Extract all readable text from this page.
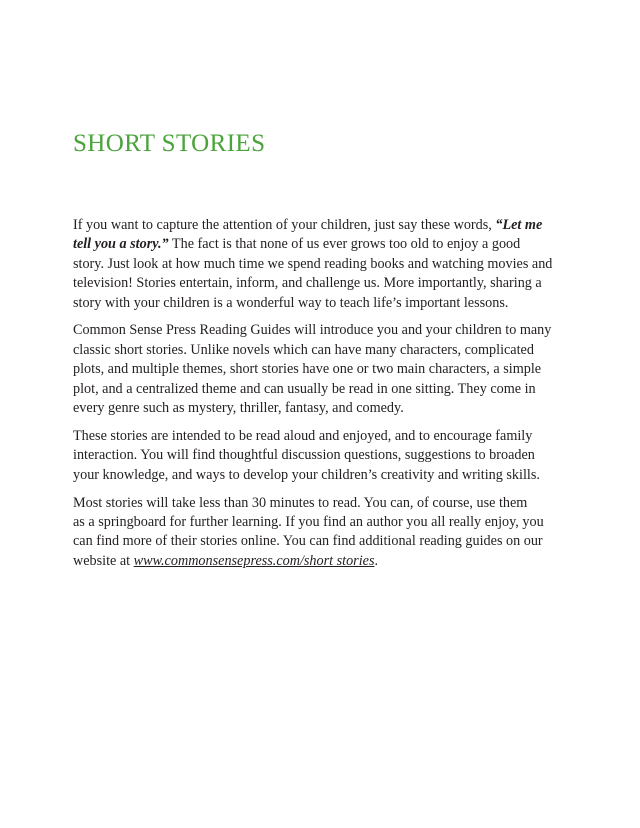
SHORT STORIES

If you want to capture the attention of your children, just say these words, “Let me
tell you a story.” The fact is that none of us ever grows too old to enjoy a good
story. Just look at how much time we spend reading books and watching movies and
television! Stories entertain, inform, and challenge us. More importantly, sharing a
story with your children is a wonderful way to teach life’s important lessons.

Common Sense Press Reading Guides will introduce you and your children to many
classic short stories. Unlike novels which can have many characters, complicated
plots, and multiple themes, short stories have one or two main characters, a simple
plot, and a centralized theme and can usually be read in one sitting. They come in
every genre such as mystery, thriller, fantasy, and comedy.

These stories are intended to be read aloud and enjoyed, and to encourage family
interaction. You will find thoughtful discussion questions, suggestions to broaden
your knowledge, and ways to develop your children’s creativity and writing skills.

Most stories will take less than 30 minutes to read. You can, of course, use them
as a springboard for further learning. If you find an author you all really enjoy, you
can find more of their stories online. You can find additional reading guides on our
website at www.commonsensepress.com/short stories.
